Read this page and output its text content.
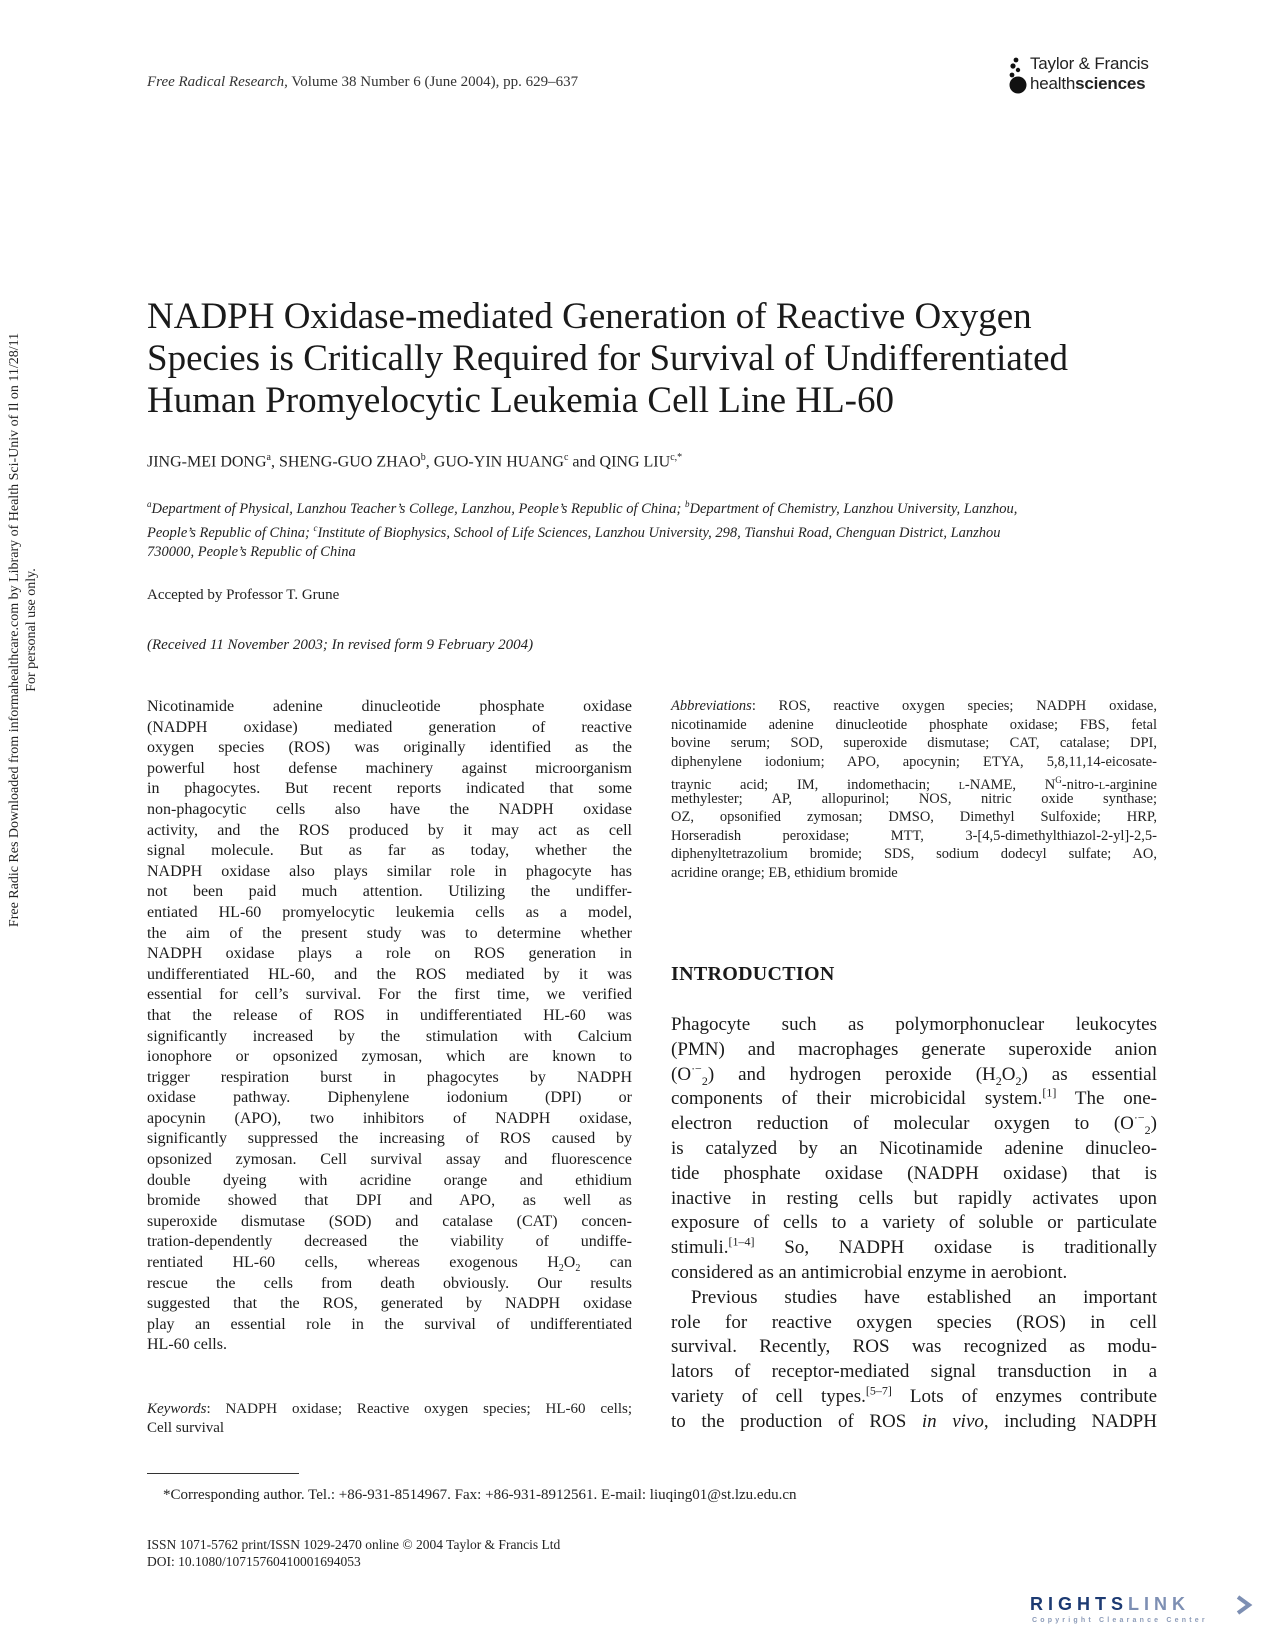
Free Radic Res Downloaded from informahealthcare.com by Library of Health Sci-Univ of Il on 11/28/11 For personal use only.
Free Radical Research, Volume 38 Number 6 (June 2004), pp. 629–637
Taylor & Francis
healthsciences
NADPH Oxidase-mediated Generation of Reactive Oxygen
Species is Critically Required for Survival of Undifferentiated
Human Promyelocytic Leukemia Cell Line HL-60
JING-MEI DONG$^a$, SHENG-GUO ZHAO$^b$, GUO-YIN HUANG$^c$ and QING $LIU^{c,*}$
$^a$Department of Physical, Lanzhou Teacher’s College, Lanzhou, People’s Republic of China; $^b$Department of Chemistry, Lanzhou University, Lanzhou,
People’s Republic of China; $^c$Institute of Biophysics, School of Life Sciences, Lanzhou University, 298, Tianshui Road, Chenguan District, Lanzhou
730000, People’s Republic of China
Accepted by Professor T. Grune
(Received 11 November 2003; In revised form 9 February 2004)
Nicotinamide adenine dinucleotide phosphate oxidase
(NADPH oxidase) mediated generation of reactive
oxygen species (ROS) was originally identified as the
powerful host defense machinery against microorganism
in phagocytes. But recent reports indicated that some
non-phagocytic cells also have the NADPH oxidase
activity, and the ROS produced by it may act as cell
signal molecule. But as far as today, whether the
NADPH oxidase also plays similar role in phagocyte has
not been paid much attention. Utilizing the undiffer-
entiated HL-60 promyelocytic leukemia cells as a model,
the aim of the present study was to determine whether
NADPH oxidase plays a role on ROS generation in
undifferentiated HL-60, and the ROS mediated by it was
essential for cell’s survival. For the first time, we verified
that the release of ROS in undifferentiated HL-60 was
significantly increased by the stimulation with Calcium
ionophore or opsonized zymosan, which are known to
trigger respiration burst in phagocytes by NADPH
oxidase pathway. Diphenylene iodonium (DPI) or
apocynin (APO), two inhibitors of NADPH oxidase,
significantly suppressed the increasing of ROS caused by
opsonized zymosan. Cell survival assay and fluorescence
double dyeing with acridine orange and ethidium
bromide showed that DPI and APO, as well as
superoxide dismutase (SOD) and catalase (CAT) concen-
tration-dependently decreased the viability of undiffe-
rentiated HL-60 cells, whereas exogenous $H_2O_2$ can
rescue the cells from death obviously. Our results
suggested that the ROS, generated by NADPH oxidase
play an essential role in the survival of undifferentiated
HL-60 cells.
Keywords: NADPH oxidase; Reactive oxygen species; HL-60 cells;
Cell survival
Abbreviations: ROS, reactive oxygen species; NADPH oxidase,
nicotinamide adenine dinucleotide phosphate oxidase; FBS, fetal
bovine serum; SOD, superoxide dismutase; CAT, catalase; DPI,
diphenylene iodonium; APO, apocynin; ETYA, 5,8,11,14-eicosate-
traynic acid; IM, indomethacin; l-NAME, $N^G-nitro-l$-arginine
methylester; AP, allopurinol; NOS, nitric oxide synthase;
OZ, opsonified zymosan; DMSO, Dimethyl Sulfoxide; HRP,
Horseradish peroxidase; MTT, 3-[4,5-dimethylthiazol-2-yl]-2,5-
diphenyltetrazolium bromide; SDS, sodium dodecyl sulfate; AO,
acridine orange; EB, ethidium bromide
INTRODUCTION
Phagocyte such as polymorphonuclear leukocytes
(PMN) and macrophages generate superoxide anion
$(O^{\cdot-}_2)$ and hydrogen peroxide $(H_2O_2)$ as essential
components of their microbicidal system.[1] The one-
electron reduction of molecular oxygen to $(O^{\cdot-}_2)$
is catalyzed by an Nicotinamide adenine dinucleo-
tide phosphate oxidase (NADPH oxidase) that is
inactive in resting cells but rapidly activates upon
exposure of cells to a variety of soluble or particulate
stimuli.[1–4] So, NADPH oxidase is traditionally
considered as an antimicrobial enzyme in aerobiont.
Previous studies have established an important
role for reactive oxygen species (ROS) in cell
survival. Recently, ROS was recognized as modu-
lators of receptor-mediated signal transduction in a
variety of cell types.[5–7] Lots of enzymes contribute
to the production of ROS in vivo, including NADPH
*Corresponding author. Tel.: +86-931-8514967. Fax: +86-931-8912561. E-mail: liuqing01@st.lzu.edu.cn
ISSN 1071-5762 print/ISSN 1029-2470 online © 2004 Taylor & Francis Ltd
DOI: 10.1080/10715760410001694053
RIGHTSLINK
Copyright Clearance Center
